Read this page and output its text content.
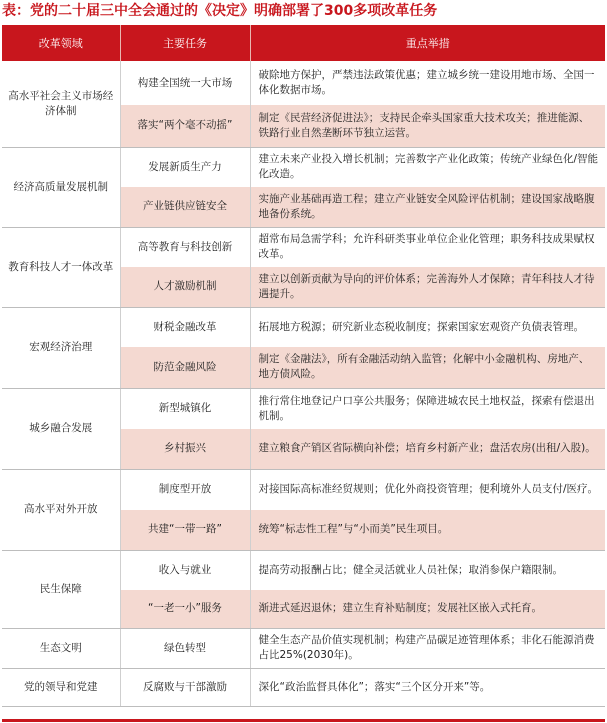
表：党的二十届三中全会通过的《决定》明确部署了300多项改革任务
改革领域	主要任务	重点举措
高水平社会主义市场经济体制	构建全国统一大市场	破除地方保护，严禁违法政策优惠；建立城乡统一建设用地市场、全国一体化数据市场。
	落实“两个毫不动摇”	制定《民营经济促进法》；支持民企牵头国家重大技术攻关；推进能源、铁路行业自然垄断环节独立运营。
经济高质量发展机制	发展新质生产力	建立未来产业投入增长机制；完善数字产业化政策；传统产业绿色化/智能化改造。
	产业链供应链安全	实施产业基础再造工程；建立产业链安全风险评估机制；建设国家战略腹地备份系统。
教育科技人才一体改革	高等教育与科技创新	超常布局急需学科；允许科研类事业单位企业化管理；职务科技成果赋权改革。
	人才激励机制	建立以创新贡献为导向的评价体系；完善海外人才保障；青年科技人才待遇提升。
宏观经济治理	财税金融改革	拓展地方税源；研究新业态税收制度；探索国家宏观资产负债表管理。
	防范金融风险	制定《金融法》，所有金融活动纳入监管；化解中小金融机构、房地产、地方债风险。
城乡融合发展	新型城镇化	推行常住地登记户口享公共服务；保障进城农民土地权益，探索有偿退出机制。
	乡村振兴	建立粮食产销区省际横向补偿；培育乡村新产业；盘活农房(出租/入股)。
高水平对外开放	制度型开放	对接国际高标准经贸规则；优化外商投资管理；便利境外人员支付/医疗。
	共建“一带一路”	统筹“标志性工程”与“小而美”民生项目。
民生保障	收入与就业	提高劳动报酬占比；健全灵活就业人员社保；取消参保户籍限制。
	“一老一小”服务	渐进式延迟退休；建立生育补贴制度；发展社区嵌入式托育。
生态文明	绿色转型	健全生态产品价值实现机制；构建产品碳足迹管理体系；非化石能源消费占比25%(2030年)。
党的领导和党建	反腐败与干部激励	深化“政治监督具体化”；落实“三个区分开来”等。
